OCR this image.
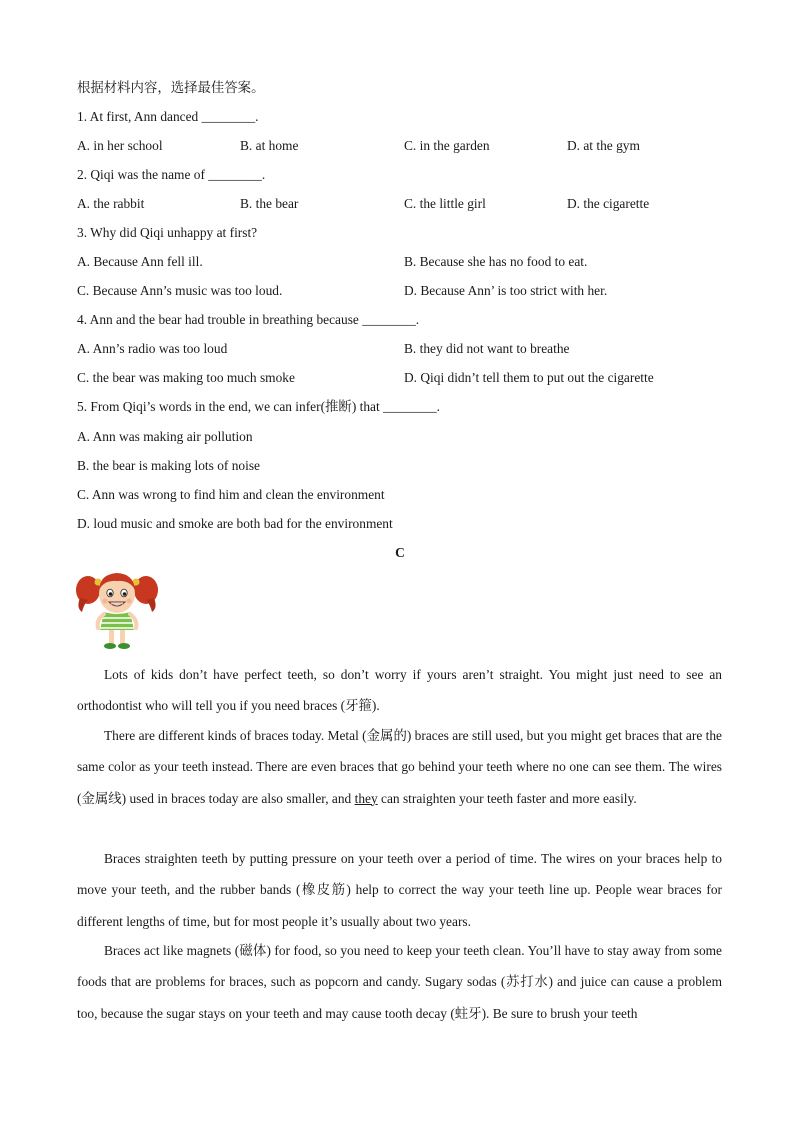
根据材料内容，选择最佳答案。
1. At first, Ann danced ________.
A. in her school	B. at home	C. in the garden	D. at the gym
2. Qiqi was the name of ________.
A. the rabbit	B. the bear	C. the little girl	D. the cigarette
3. Why did Qiqi unhappy at first?
A. Because Ann fell ill.	B. Because she has no food to eat.
C. Because Ann’s music was too loud.	D. Because Ann’ is too strict with her.
4. Ann and the bear had trouble in breathing because ________.
A. Ann’s radio was too loud	B. they did not want to breathe
C. the bear was making too much smoke	D. Qiqi didn’t tell them to put out the cigarette
5. From Qiqi’s words in the end, we can infer(推断) that ________.
A. Ann was making air pollution
B. the bear is making lots of noise
C. Ann was wrong to find him and clean the environment
D. loud music and smoke are both bad for the environment
C
Lots of kids don’t have perfect teeth, so don’t worry if yours aren’t straight. You might just need to see an orthodontist who will tell you if you need braces (牙箍).
There are different kinds of braces today. Metal (金属的) braces are still used, but you might get braces that are the same color as your teeth instead. There are even braces that go behind your teeth where no one can see them. The wires (金属线) used in braces today are also smaller, and they can straighten your teeth faster and more easily.
Braces straighten teeth by putting pressure on your teeth over a period of time. The wires on your braces help to move your teeth, and the rubber bands (橡皮筋) help to correct the way your teeth line up. People wear braces for different lengths of time, but for most people it’s usually about two years.
Braces act like magnets (磁体) for food, so you need to keep your teeth clean. You’ll have to stay away from some foods that are problems for braces, such as popcorn and candy. Sugary sodas (苏打水) and juice can cause a problem too, because the sugar stays on your teeth and may cause tooth decay (蛀牙). Be sure to brush your teeth
